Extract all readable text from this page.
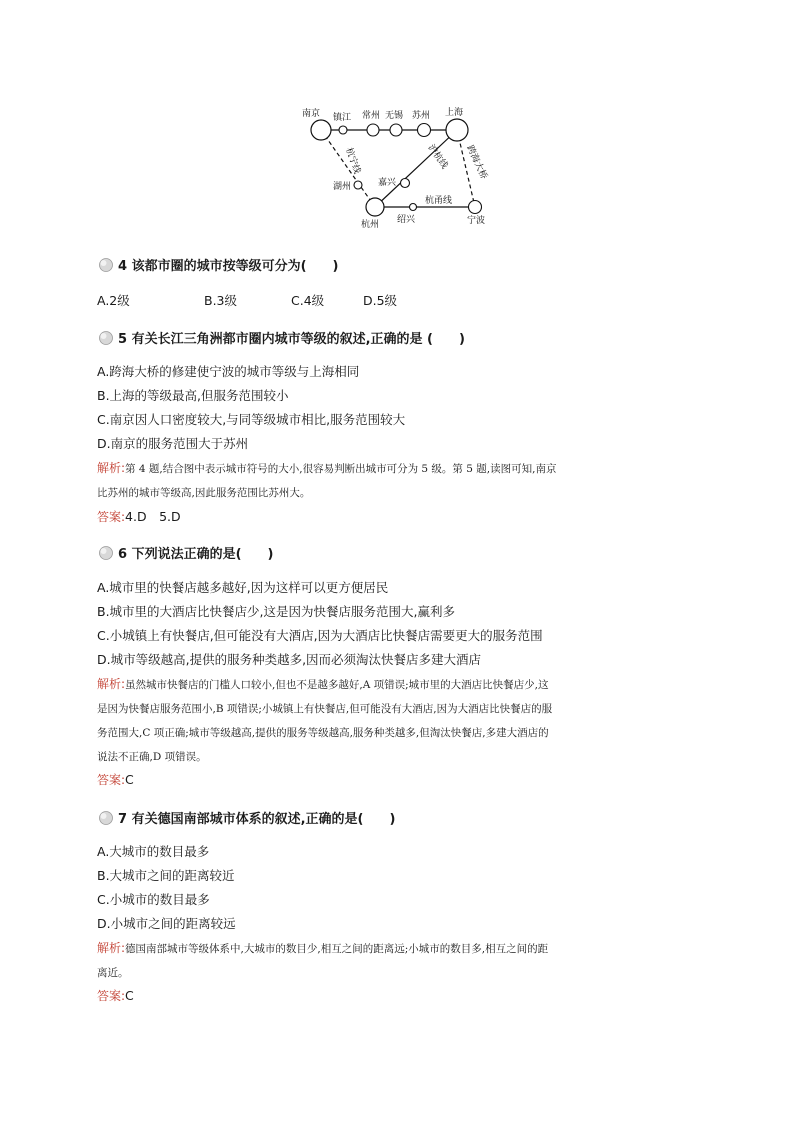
南京 镇江 常州 无锡 苏州 上海
湖州	嘉兴
杭州 绍兴	宁波
杭宁线	沪杭线 跨海大桥
杭甬线
4 该都市圈的城市按等级可分为(　　)
A.2级	B.3级	C.4级	D.5级
5 有关长江三角洲都市圈内城市等级的叙述,正确的是 (　　)
A.跨海大桥的修建使宁波的城市等级与上海相同
B.上海的等级最高,但服务范围较小
C.南京因人口密度较大,与同等级城市相比,服务范围较大
D.南京的服务范围大于苏州
解析:第 4 题,结合图中表示城市符号的大小,很容易判断出城市可分为 5 级。第 5 题,读图可知,南京
比苏州的城市等级高,因此服务范围比苏州大。
答案:4.D　5.D
6 下列说法正确的是(　　)
A.城市里的快餐店越多越好,因为这样可以更方便居民
B.城市里的大酒店比快餐店少,这是因为快餐店服务范围大,赢利多
C.小城镇上有快餐店,但可能没有大酒店,因为大酒店比快餐店需要更大的服务范围
D.城市等级越高,提供的服务种类越多,因而必须淘汰快餐店多建大酒店
解析:虽然城市快餐店的门槛人口较小,但也不是越多越好,A 项错误;城市里的大酒店比快餐店少,这
是因为快餐店服务范围小,B 项错误;小城镇上有快餐店,但可能没有大酒店,因为大酒店比快餐店的服
务范围大,C 项正确;城市等级越高,提供的服务等级越高,服务种类越多,但淘汰快餐店,多建大酒店的
说法不正确,D 项错误。
答案:C
7 有关德国南部城市体系的叙述,正确的是(　　)
A.大城市的数目最多
B.大城市之间的距离较近
C.小城市的数目最多
D.小城市之间的距离较远
解析:德国南部城市等级体系中,大城市的数目少,相互之间的距离远;小城市的数目多,相互之间的距
离近。
答案:C
